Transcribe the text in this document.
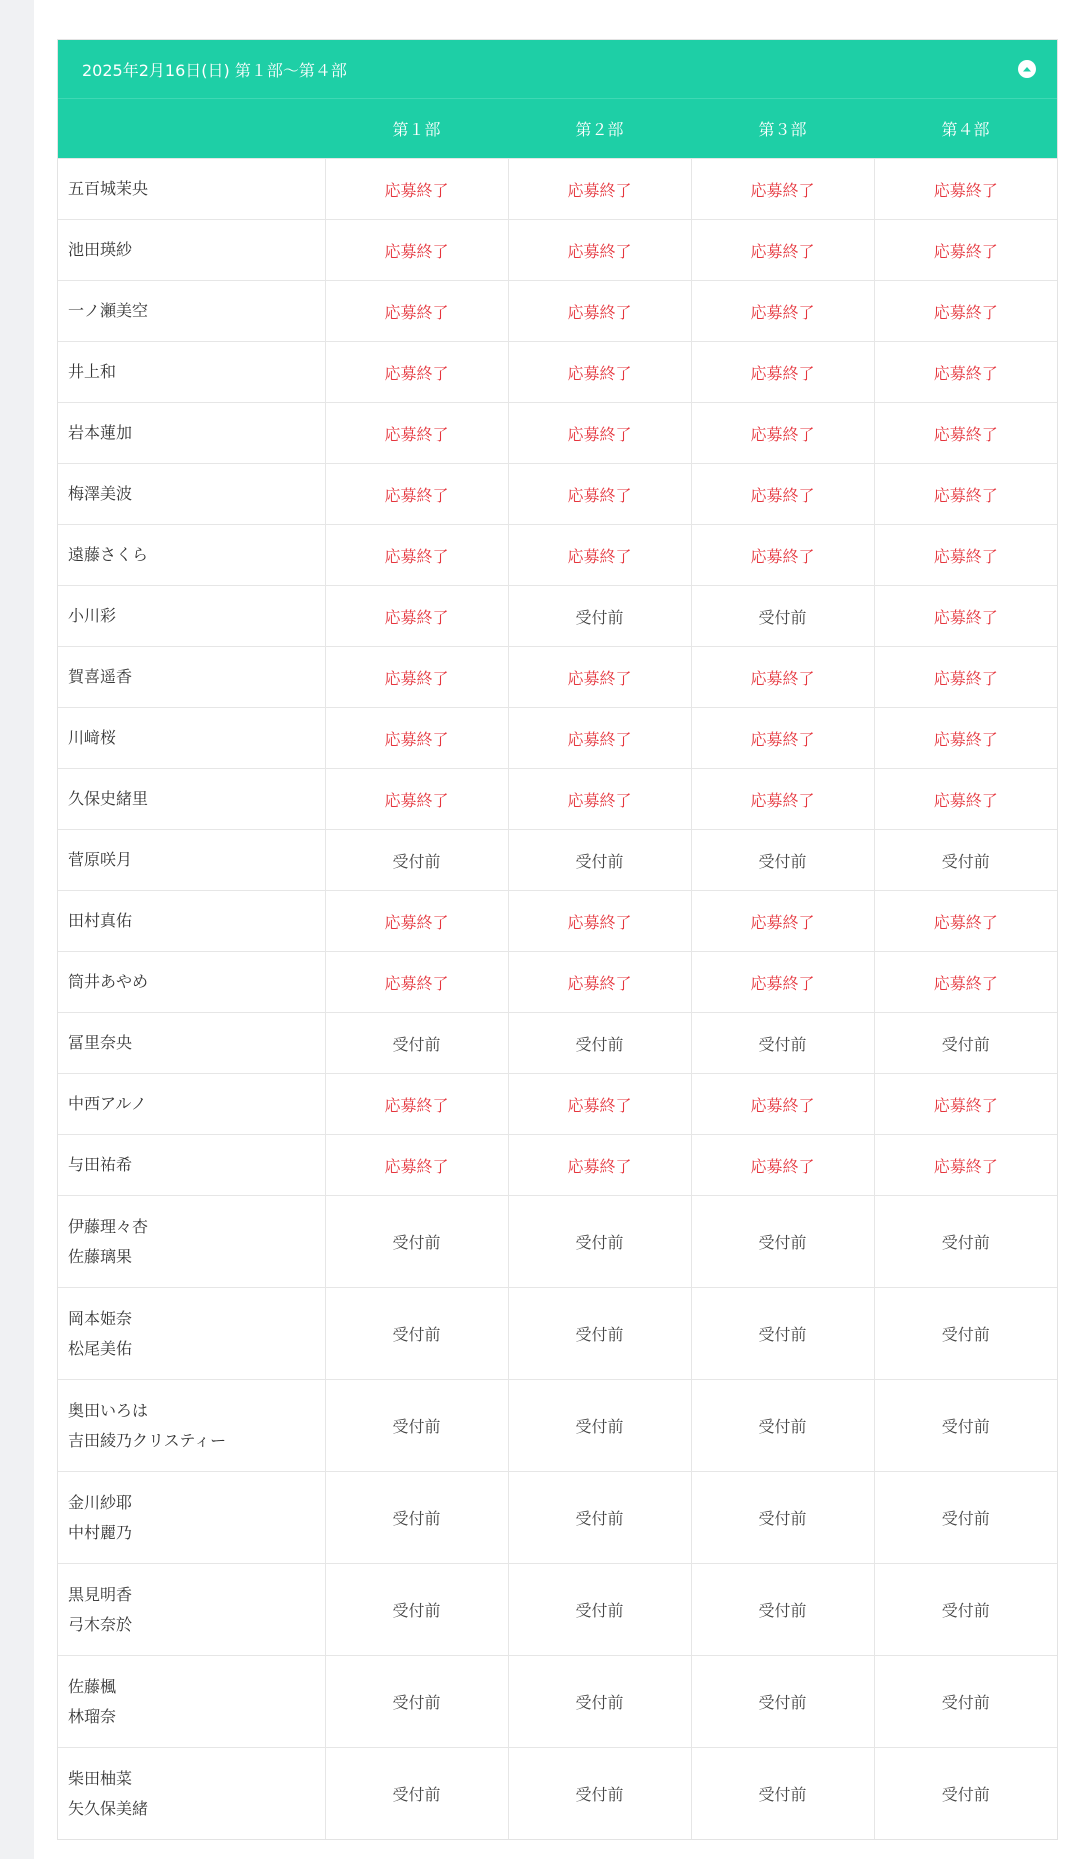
2025年2月16日(日) 第１部〜第４部
	第１部	第２部	第３部	第４部

五百城茉央	応募終了	応募終了	応募終了	応募終了

池田瑛紗	応募終了	応募終了	応募終了	応募終了

一ノ瀬美空	応募終了	応募終了	応募終了	応募終了

井上和	応募終了	応募終了	応募終了	応募終了

岩本蓮加	応募終了	応募終了	応募終了	応募終了

梅澤美波	応募終了	応募終了	応募終了	応募終了

遠藤さくら	応募終了	応募終了	応募終了	応募終了

小川彩	応募終了	受付前	受付前	応募終了

賀喜遥香	応募終了	応募終了	応募終了	応募終了

川﨑桜	応募終了	応募終了	応募終了	応募終了

久保史緒里	応募終了	応募終了	応募終了	応募終了

菅原咲月	受付前	受付前	受付前	受付前

田村真佑	応募終了	応募終了	応募終了	応募終了

筒井あやめ	応募終了	応募終了	応募終了	応募終了

冨里奈央	受付前	受付前	受付前	受付前

中西アルノ	応募終了	応募終了	応募終了	応募終了

与田祐希	応募終了	応募終了	応募終了	応募終了

伊藤理々杏
佐藤璃果	受付前	受付前	受付前	受付前

岡本姫奈
松尾美佑	受付前	受付前	受付前	受付前

奥田いろは
吉田綾乃クリスティー	受付前	受付前	受付前	受付前

金川紗耶
中村麗乃	受付前	受付前	受付前	受付前

黒見明香
弓木奈於	受付前	受付前	受付前	受付前

佐藤楓
林瑠奈	受付前	受付前	受付前	受付前

柴田柚菜
矢久保美緒	受付前	受付前	受付前	受付前
